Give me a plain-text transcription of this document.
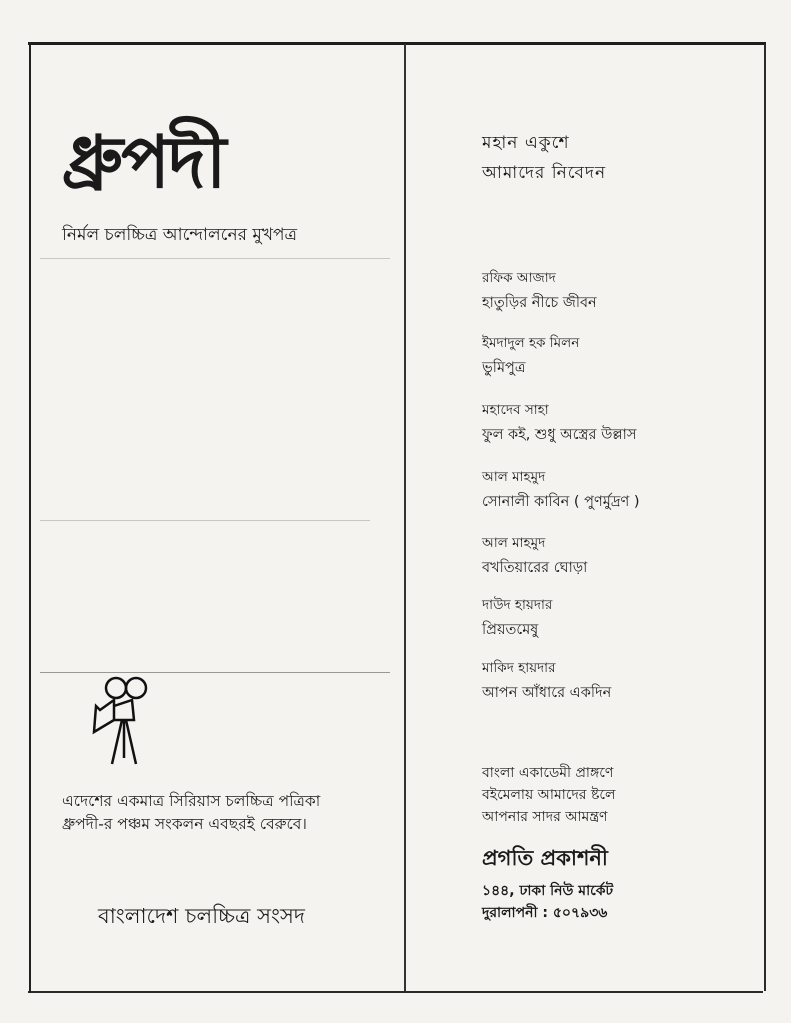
ধ্রুপদী
নির্মল চলচ্চিত্র আন্দোলনের মুখপত্র
এদেশের একমাত্র সিরিয়াস চলচ্চিত্র পত্রিকা
ধ্রুপদী-র পঞ্চম সংকলন এবছরই বেরুবে।
বাংলাদেশ চলচ্চিত্র সংসদ
মহান একুশে
আমাদের নিবেদন
রফিক আজাদ
হাতুড়ির নীচে জীবন
ইমদাদুল হক মিলন
ভুমিপুত্র
মহাদেব সাহা
ফুল কই, শুধু অস্ত্রের উল্লাস
আল মাহমুদ
সোনালী কাবিন ( পুণর্মুদ্রণ )
আল মাহমুদ
বখতিয়ারের ঘোড়া
দাউদ হায়দার
প্রিয়তমেষু
মাকিদ হায়দার
আপন আঁধারে একদিন
বাংলা একাডেমী প্রাঙ্গণে
বইমেলায় আমাদের ষ্টলে
আপনার সাদর আমন্ত্রণ
প্রগতি প্রকাশনী
১৪৪, ঢাকা নিউ মার্কেট
দুরালাপনী : ৫০৭৯৩৬
